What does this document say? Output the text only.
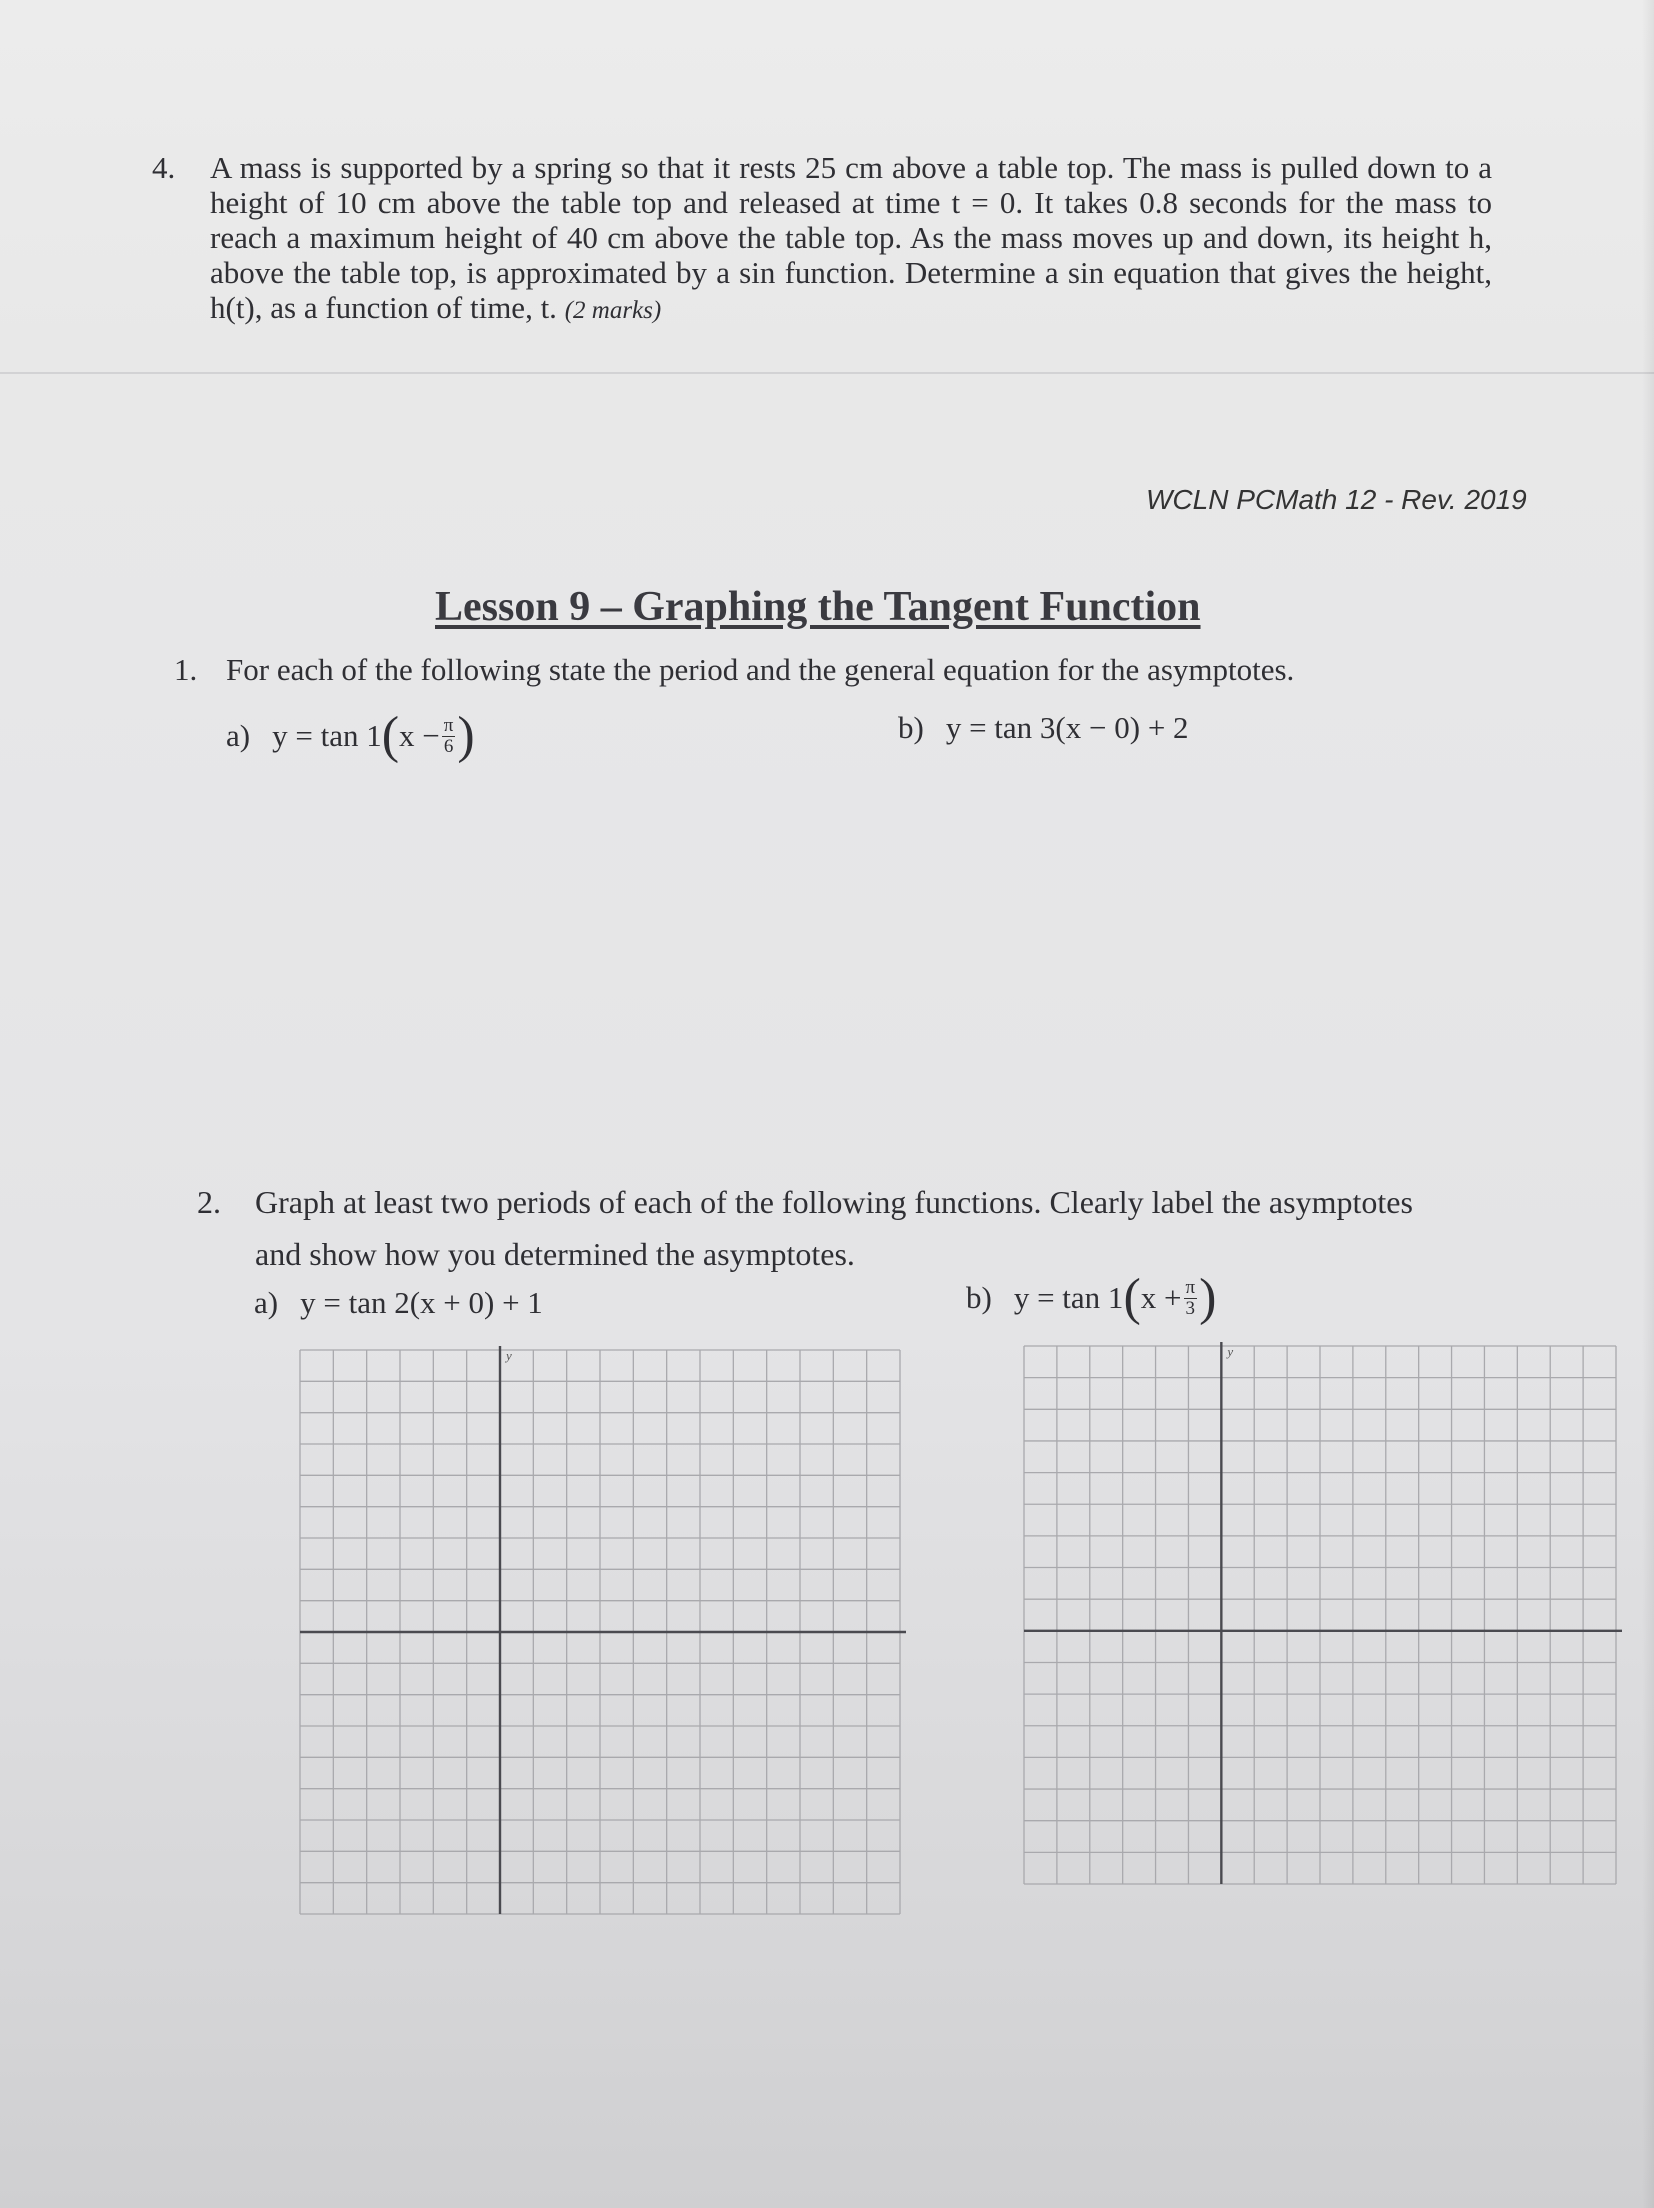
4. A mass is supported by a spring so that it rests 25 cm above a table top. The mass is pulled down to a height of 10 cm above the table top and released at time t = 0. It takes 0.8 seconds for the mass to reach a maximum height of 40 cm above the table top. As the mass moves up and down, its height h, above the table top, is approximated by a sin function. Determine a sin equation that gives the height, h(t), as a function of time, t. (2 marks)
WCLN PCMath 12 - Rev. 2019
Lesson 9 – Graphing the Tangent Function
1. For each of the following state the period and the general equation for the asymptotes.
a) y = tan 1 ( $x - \frac{\pi}{6}$ )	b) y = tan 3(x − 0) + 2
2. Graph at least two periods of each of the following functions. Clearly label the asymptotes
and show how you determined the asymptotes.
a) y = tan 2(x + 0) + 1	b) y = tan 1 ( $x + \frac{\pi}{3}$ )
y	y
